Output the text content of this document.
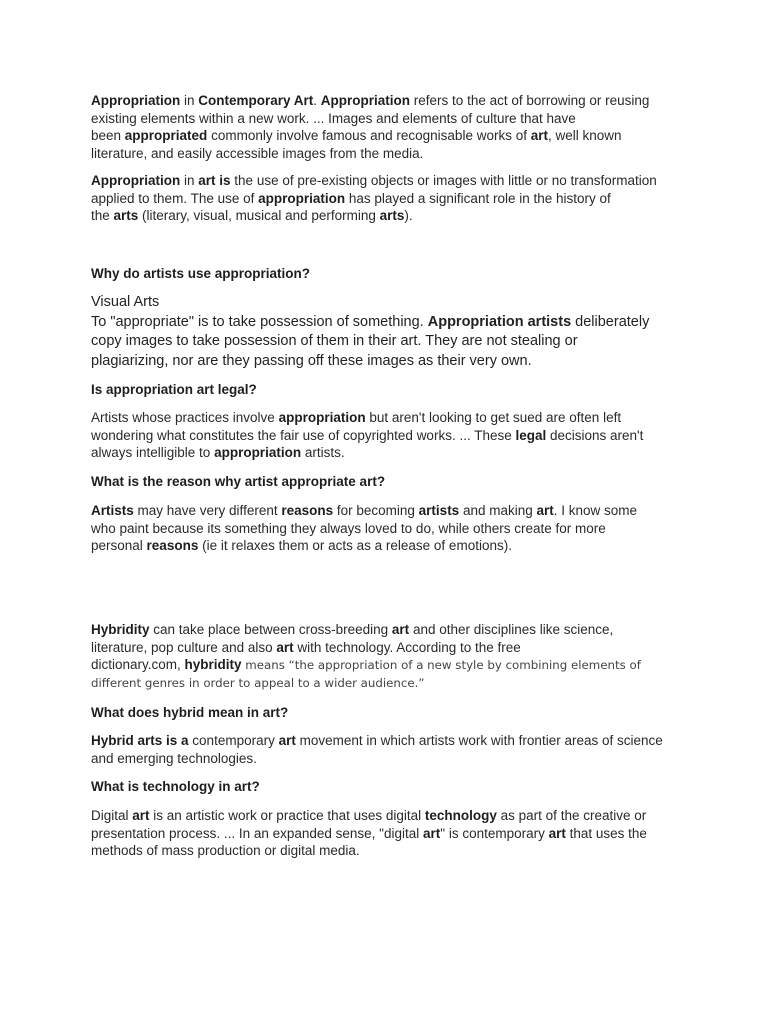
Appropriation in Contemporary Art. Appropriation refers to the act of borrowing or reusing

existing elements within a new work. ... Images and elements of culture that have

been appropriated commonly involve famous and recognisable works of art, well known

literature, and easily accessible images from the media.

Appropriation in art is the use of pre-existing objects or images with little or no transformation

applied to them. The use of appropriation has played a significant role in the history of

the arts (literary, visual, musical and performing arts).

Why do artists use appropriation?

Visual Arts

To "appropriate" is to take possession of something. Appropriation artists deliberately

copy images to take possession of them in their art. They are not stealing or

plagiarizing, nor are they passing off these images as their very own.

Is appropriation art legal?

Artists whose practices involve appropriation but aren't looking to get sued are often left

wondering what constitutes the fair use of copyrighted works. ... These legal decisions aren't

always intelligible to appropriation artists.

What is the reason why artist appropriate art?

Artists may have very different reasons for becoming artists and making art. I know some

who paint because its something they always loved to do, while others create for more

personal reasons (ie it relaxes them or acts as a release of emotions).

Hybridity can take place between cross-breeding art and other disciplines like science,

literature, pop culture and also art with technology. According to the free

dictionary.com, hybridity means “the appropriation of a new style by combining elements of

different genres in order to appeal to a wider audience.”

What does hybrid mean in art?

Hybrid arts is a contemporary art movement in which artists work with frontier areas of science

and emerging technologies.

What is technology in art?

Digital art is an artistic work or practice that uses digital technology as part of the creative or

presentation process. ... In an expanded sense, "digital art" is contemporary art that uses the

methods of mass production or digital media.
